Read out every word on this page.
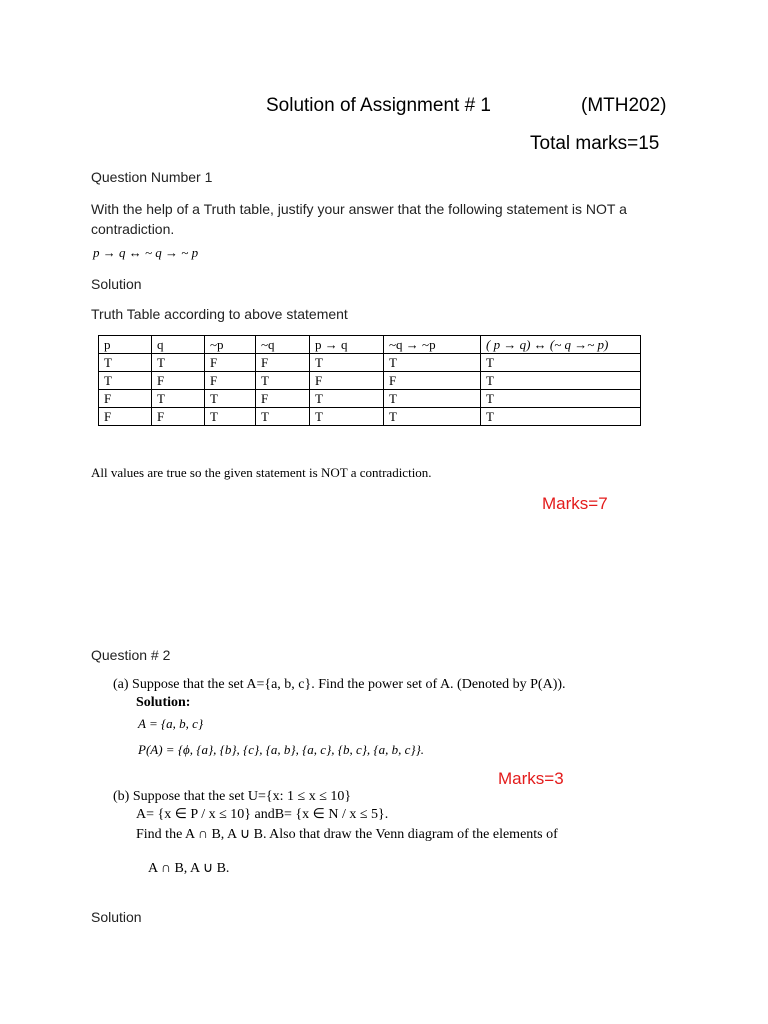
Solution of Assignment # 1	(MTH202)
Total marks=15
Question Number 1
With the help of a Truth table, justify your answer that the following statement is NOT a contradiction.
p → q ↔ ~ q → ~ p
Solution
Truth Table according to above statement
p	q	~p	~q	p → q	~q → ~p	( p → q) ↔ (~ q →~ p)
T	T	F	F	T	T	T
T	F	F	T	F	F	T
F	T	T	F	T	T	T
F	F	T	T	T	T	T
All values are true so the given statement is NOT a contradiction.
Marks=7
Question # 2
(a) Suppose that the set A={a, b, c}. Find the power set of A. (Denoted by P(A)).
Solution:
A = {a, b, c}
P(A) = {ϕ, {a}, {b}, {c}, {a, b}, {a, c}, {b, c}, {a, b, c}}.
Marks=3
(b) Suppose that the set U={x: 1 ≤ x ≤ 10}
A= {x ∈ P / x ≤ 10} andB= {x ∈ N / x ≤ 5}.
Find the A ∩ B, A ∪ B. Also that draw the Venn diagram of the elements of
A ∩ B, A ∪ B.
Solution
